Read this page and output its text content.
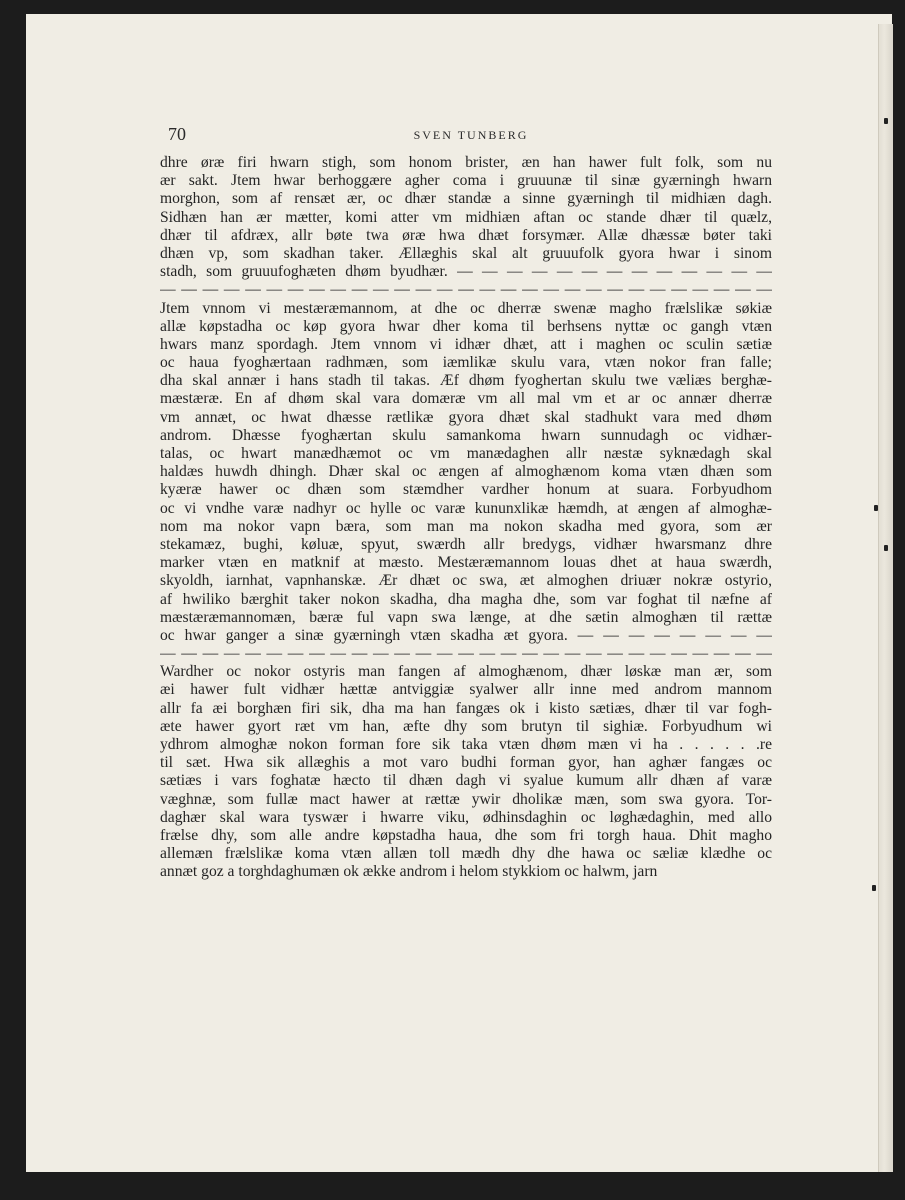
70	SVEN TUNBERG
dhre øræ firi hwarn stigh, som honom brister, æn han hawer fult folk, som nu
ær sakt. Jtem hwar berhoggære agher coma i gruuunæ til sinæ gyærningh hwarn
morghon, som af rensæt ær, oc dhær standæ a sinne gyærningh til midhiæn dagh.
Sidhæn han ær mætter, komi atter vm midhiæn aftan oc stande dhær til quælz,
dhær til afdræx, allr bøte twa øræ hwa dhæt forsymær. Allæ dhæssæ bøter taki
dhæn vp, som skadhan taker. Ællæghis skal alt gruuufolk gyora hwar i sinom
stadh, som gruuufoghæten dhøm byudhær. — — — — — — — — — — — — —
— — — — — — — — — — — — — — — — — — — — — — — — — — — — —
Jtem vnnom vi mestæræmannom, at dhe oc dherræ swenæ magho frælslikæ søkiæ
allæ køpstadha oc køp gyora hwar dher koma til berhsens nyttæ oc gangh vtæn
hwars manz spordagh. Jtem vnnom vi idhær dhæt, att i maghen oc sculin sætiæ
oc haua fyoghærtaan radhmæn, som iæmlikæ skulu vara, vtæn nokor fran falle;
dha skal annær i hans stadh til takas. Æf dhøm fyoghertan skulu twe væliæs berghæ-
mæstæræ. En af dhøm skal vara domæræ vm all mal vm et ar oc annær dherræ
vm annæt, oc hwat dhæsse rætlikæ gyora dhæt skal stadhukt vara med dhøm
androm. Dhæsse fyoghærtan skulu samankoma hwarn sunnudagh oc vidhær-
talas, oc hwart manædhæmot oc vm manædaghen allr næstæ syknædagh skal
haldæs huwdh dhingh. Dhær skal oc ængen af almoghænom koma vtæn dhæn som
kyæræ hawer oc dhæn som stæmdher vardher honum at suara. Forbyudhom
oc vi vndhe varæ nadhyr oc hylle oc varæ kununxlikæ hæmdh, at ængen af almoghæ-
nom ma nokor vapn bæra, som man ma nokon skadha med gyora, som ær
stekamæz, bughi, køluæ, spyut, swærdh allr bredygs, vidhær hwarsmanz dhre
marker vtæn en matknif at mæsto. Mestæræmannom louas dhet at haua swærdh,
skyoldh, iarnhat, vapnhanskæ. Ær dhæt oc swa, æt almoghen driuær nokræ ostyrio,
af hwiliko bærghit taker nokon skadha, dha magha dhe, som var foghat til næfne af
mæstæræmannomæn, bæræ ful vapn swa længe, at dhe sætin almoghæn til rættæ
oc hwar ganger a sinæ gyærningh vtæn skadha æt gyora. — — — — — — — —
— — — — — — — — — — — — — — — — — — — — — — — — — — — — —
Wardher oc nokor ostyris man fangen af almoghænom, dhær løskæ man ær, som
æi hawer fult vidhær hættæ antviggiæ syalwer allr inne med androm mannom
allr fa æi borghæn firi sik, dha ma han fangæs ok i kisto sætiæs, dhær til var fogh-
æte hawer gyort ræt vm han, æfte dhy som brutyn til sighiæ. Forbyudhum wi
ydhrom almoghæ nokon forman fore sik taka vtæn dhøm mæn vi ha . . . . . .re
til sæt. Hwa sik allæghis a mot varo budhi forman gyor, han aghær fangæs oc
sætiæs i vars foghatæ hæcto til dhæn dagh vi syalue kumum allr dhæn af varæ
væghnæ, som fullæ mact hawer at rættæ ywir dholikæ mæn, som swa gyora. Tor-
daghær skal wara tyswær i hwarre viku, ødhinsdaghin oc løghædaghin, med allo
frælse dhy, som alle andre køpstadha haua, dhe som fri torgh haua. Dhit magho
allemæn frælslikæ koma vtæn allæn toll mædh dhy dhe hawa oc sæliæ klædhe oc
annæt goz a torghdaghumæn ok ække androm i helom stykkiom oc halwm, jarn
